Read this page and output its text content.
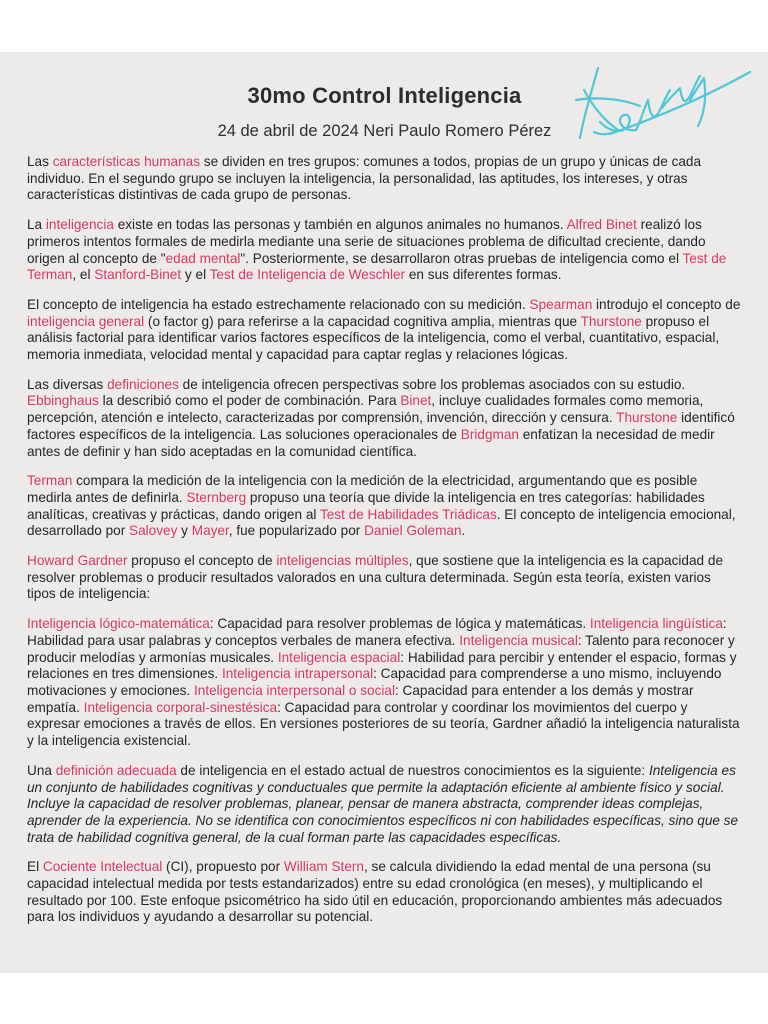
30mo Control Inteligencia
24 de abril de 2024 Neri Paulo Romero Pérez

Las características humanas se dividen en tres grupos: comunes a todos, propias de un grupo y únicas de cada individuo. En el segundo grupo se incluyen la inteligencia, la personalidad, las aptitudes, los intereses, y otras características distintivas de cada grupo de personas.

La inteligencia existe en todas las personas y también en algunos animales no humanos. Alfred Binet realizó los primeros intentos formales de medirla mediante una serie de situaciones problema de dificultad creciente, dando origen al concepto de "edad mental". Posteriormente, se desarrollaron otras pruebas de inteligencia como el Test de Terman, el Stanford-Binet y el Test de Inteligencia de Weschler en sus diferentes formas.

El concepto de inteligencia ha estado estrechamente relacionado con su medición. Spearman introdujo el concepto de inteligencia general (o factor g) para referirse a la capacidad cognitiva amplia, mientras que Thurstone propuso el análisis factorial para identificar varios factores específicos de la inteligencia, como el verbal, cuantitativo, espacial, memoria inmediata, velocidad mental y capacidad para captar reglas y relaciones lógicas.

Las diversas definiciones de inteligencia ofrecen perspectivas sobre los problemas asociados con su estudio. Ebbinghaus la describió como el poder de combinación. Para Binet, incluye cualidades formales como memoria, percepción, atención e intelecto, caracterizadas por comprensión, invención, dirección y censura. Thurstone identificó factores específicos de la inteligencia. Las soluciones operacionales de Bridgman enfatizan la necesidad de medir antes de definir y han sido aceptadas en la comunidad científica.

Terman compara la medición de la inteligencia con la medición de la electricidad, argumentando que es posible medirla antes de definirla. Sternberg propuso una teoría que divide la inteligencia en tres categorías: habilidades analíticas, creativas y prácticas, dando origen al Test de Habilidades Triádicas. El concepto de inteligencia emocional, desarrollado por Salovey y Mayer, fue popularizado por Daniel Goleman.

Howard Gardner propuso el concepto de inteligencias múltiples, que sostiene que la inteligencia es la capacidad de resolver problemas o producir resultados valorados en una cultura determinada. Según esta teoría, existen varios tipos de inteligencia:

Inteligencia lógico-matemática: Capacidad para resolver problemas de lógica y matemáticas. Inteligencia lingüística: Habilidad para usar palabras y conceptos verbales de manera efectiva. Inteligencia musical: Talento para reconocer y producir melodías y armonías musicales. Inteligencia espacial: Habilidad para percibir y entender el espacio, formas y relaciones en tres dimensiones. Inteligencia intrapersonal: Capacidad para comprenderse a uno mismo, incluyendo motivaciones y emociones. Inteligencia interpersonal o social: Capacidad para entender a los demás y mostrar empatía. Inteligencia corporal-sinestésica: Capacidad para controlar y coordinar los movimientos del cuerpo y expresar emociones a través de ellos. En versiones posteriores de su teoría, Gardner añadió la inteligencia naturalista y la inteligencia existencial.

Una definición adecuada de inteligencia en el estado actual de nuestros conocimientos es la siguiente: Inteligencia es un conjunto de habilidades cognitivas y conductuales que permite la adaptación eficiente al ambiente físico y social. Incluye la capacidad de resolver problemas, planear, pensar de manera abstracta, comprender ideas complejas, aprender de la experiencia. No se identifica con conocimientos específicos ni con habilidades específicas, sino que se trata de habilidad cognitiva general, de la cual forman parte las capacidades específicas.

El Cociente Intelectual (CI), propuesto por William Stern, se calcula dividiendo la edad mental de una persona (su capacidad intelectual medida por tests estandarizados) entre su edad cronológica (en meses), y multiplicando el resultado por 100. Este enfoque psicométrico ha sido útil en educación, proporcionando ambientes más adecuados para los individuos y ayudando a desarrollar su potencial.
